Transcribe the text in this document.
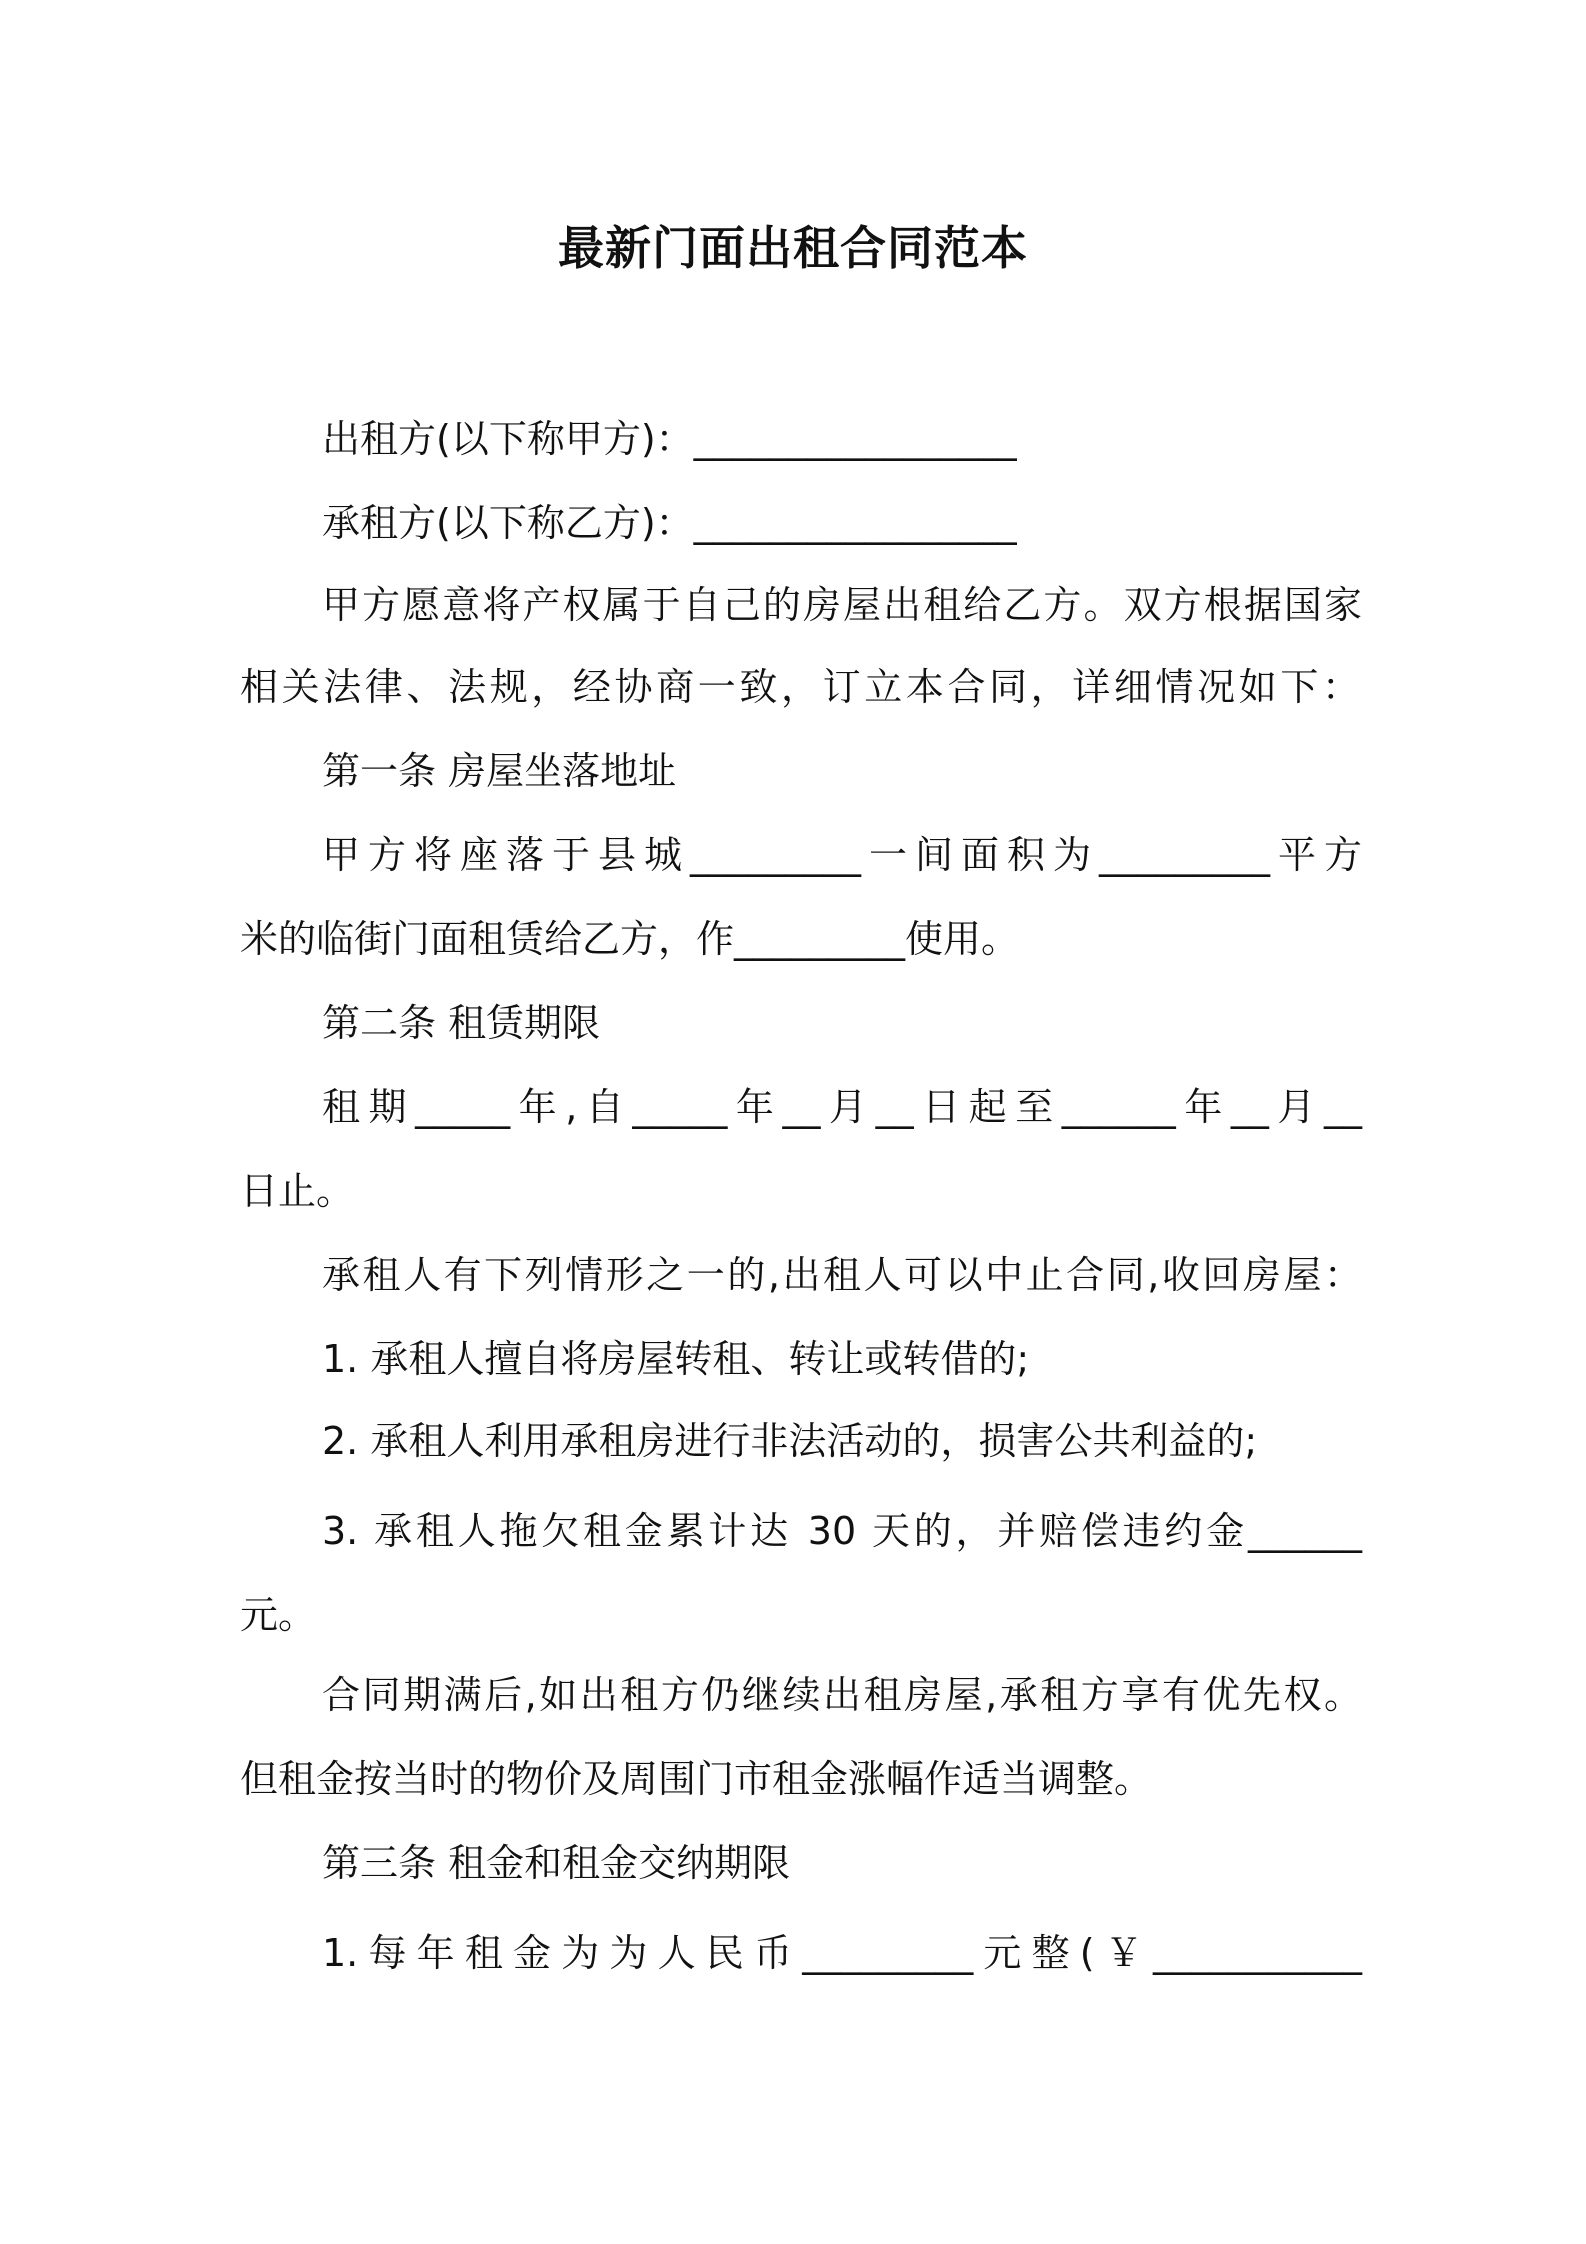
最新门面出租合同范本
出租方(以下称甲方)：_________________
承租方(以下称乙方)：_________________
甲方愿意将产权属于自己的房屋出租给乙方。双方根据国家
相关法律、法规，经协商一致，订立本合同，详细情况如下：
第一条 房屋坐落地址
甲方将座落于县城_________一间面积为_________平方
米的临街门面租赁给乙方，作_________使用。
第二条 租赁期限
租期_____年,自_____年__月__日起至______年__月__
日止。
承租人有下列情形之一的,出租人可以中止合同,收回房屋：
1. 承租人擅自将房屋转租、转让或转借的;
2. 承租人利用承租房进行非法活动的，损害公共利益的;
3. 承租人拖欠租金累计达 30 天的，并赔偿违约金______
元。
合同期满后,如出租方仍继续出租房屋,承租方享有优先权。
但租金按当时的物价及周围门市租金涨幅作适当调整。
第三条 租金和租金交纳期限
1.每年租金为为人民币_________元整(￥___________
